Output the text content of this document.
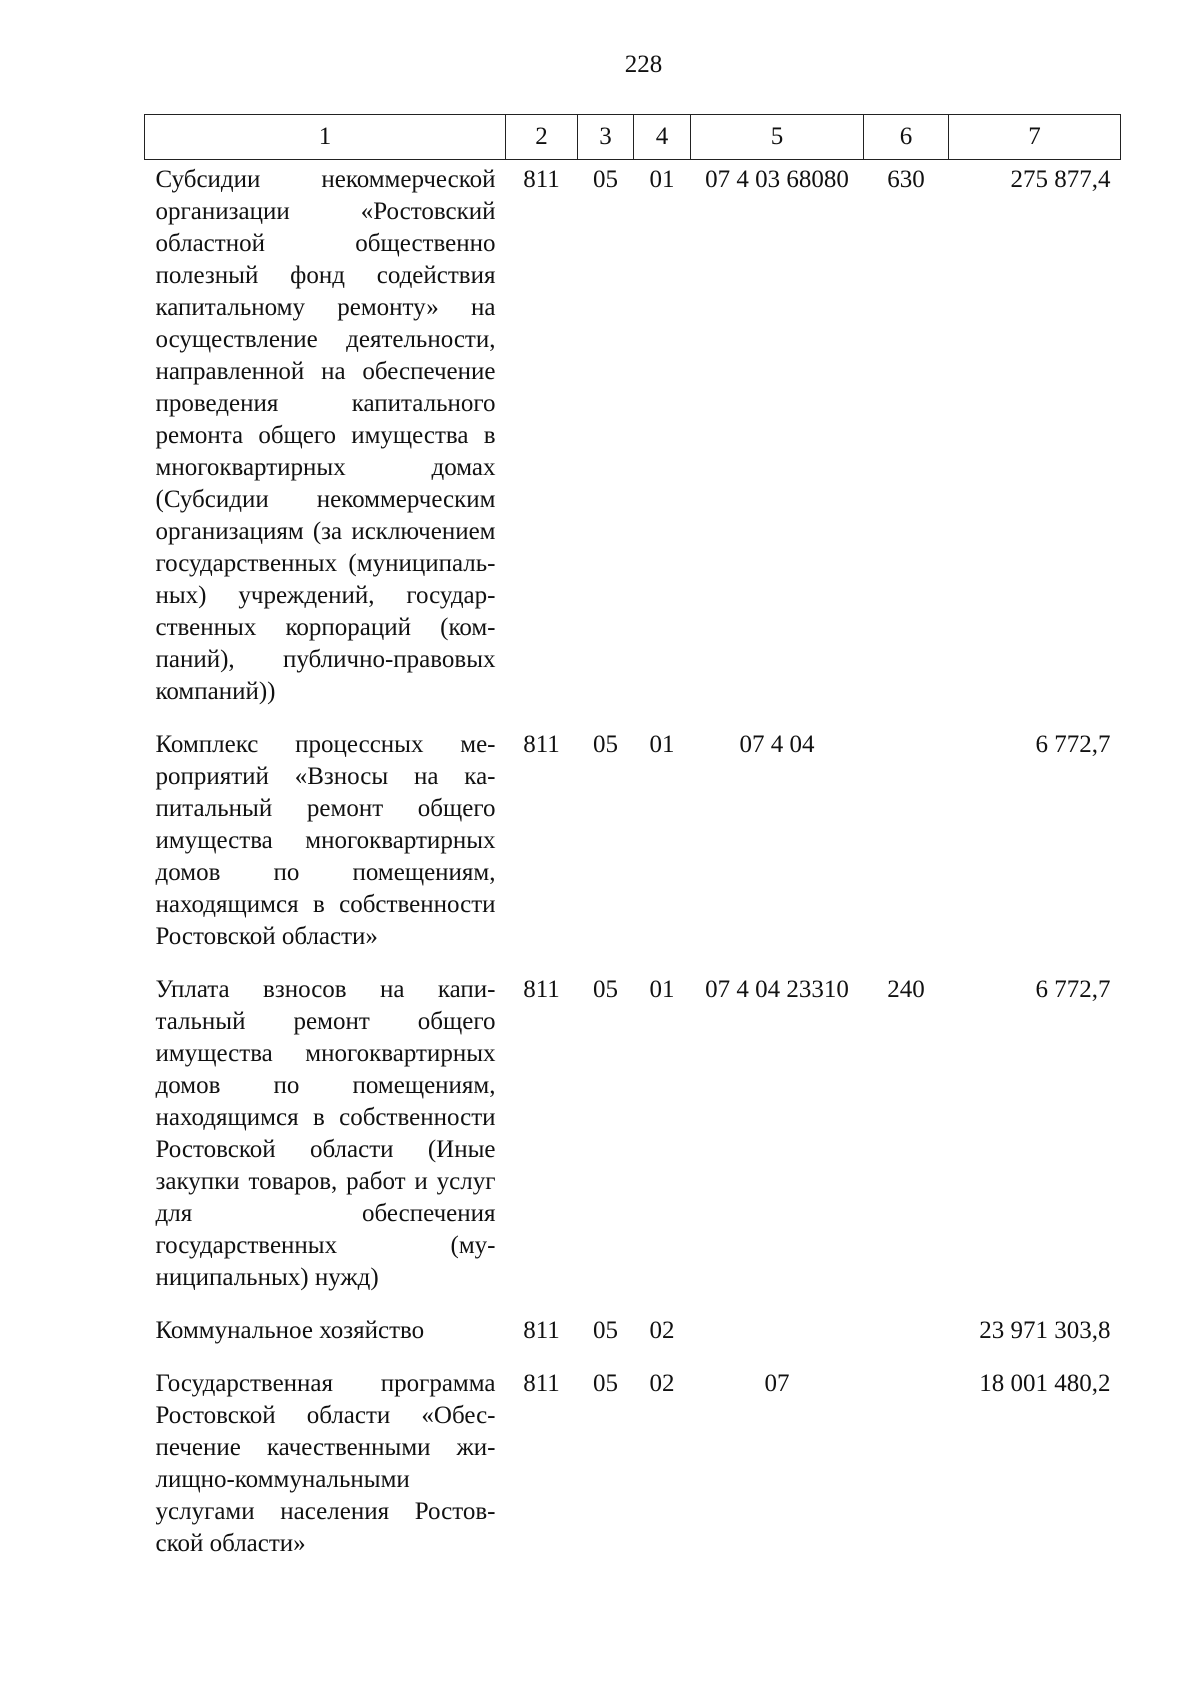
228
1	2	3	4	5	6	7
Субсидии некоммерческой организации «Ростовский областной общественно полезный фонд содействия капитальному ремонту» на осуществление деятельности, направленной на обеспечение проведения капитального ремонта общего имущества в многоквартирных домах (Субсидии некоммерческим организациям (за исключением государственных (муниципальных) учреждений, государственных корпораций (компаний), публично-правовых компаний))	811	05	01	07 4 03 68080	630	275 877,4
Комплекс процессных мероприятий «Взносы на капитальный ремонт общего имущества многоквартирных домов по помещениям, находящимся в собственности Ростовской области»	811	05	01	07 4 04		6 772,7
Уплата взносов на капитальный ремонт общего имущества многоквартирных домов по помещениям, находящимся в собственности Ростовской области (Иные закупки товаров, работ и услуг для обеспечения государственных (муниципальных) нужд)	811	05	01	07 4 04 23310	240	6 772,7
Коммунальное хозяйство	811	05	02			23 971 303,8
Государственная программа Ростовской области «Обеспечение качественными жилищно-коммунальными услугами населения Ростовской области»	811	05	02	07		18 001 480,2
